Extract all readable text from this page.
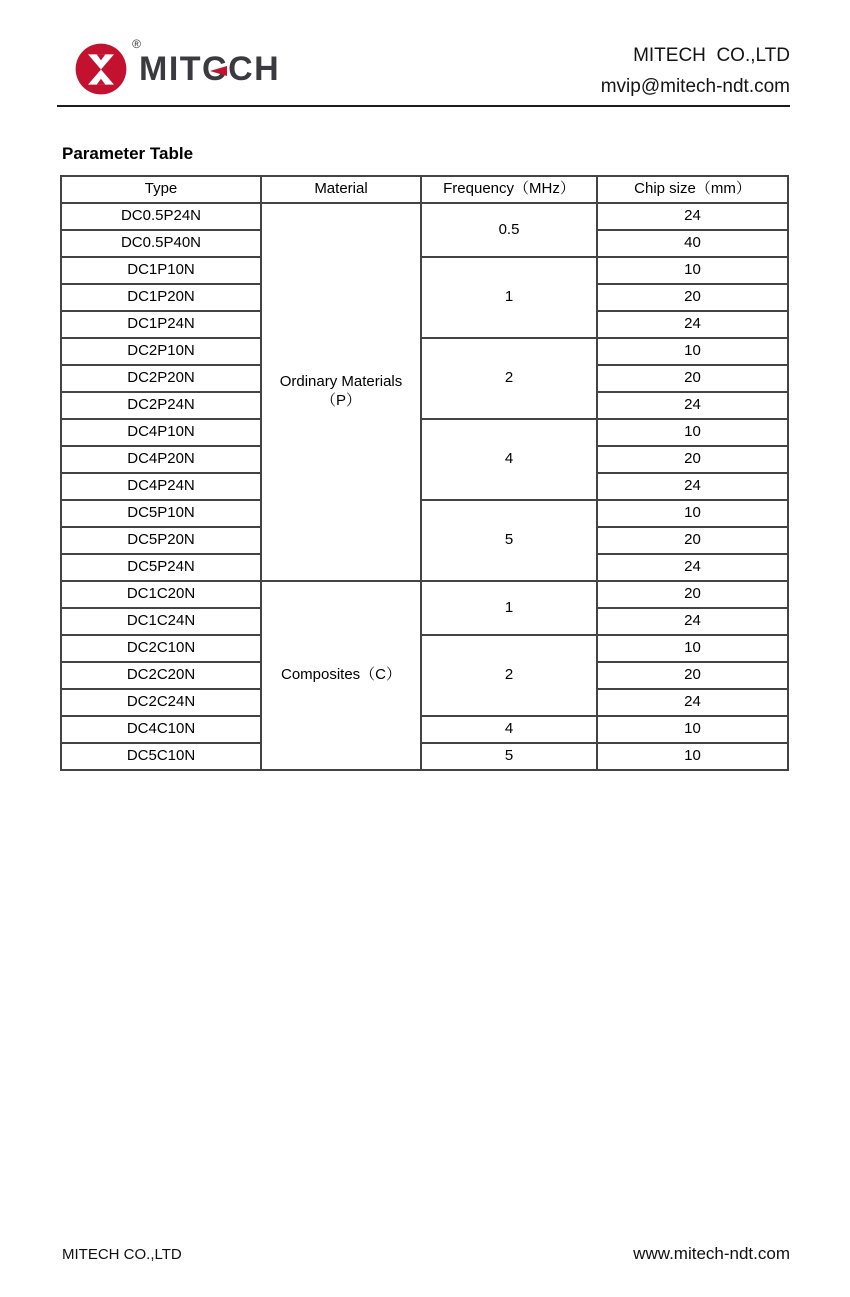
®
MIT C CH	MITECH  CO.,LTD
mvip@mitech-ndt.com
Parameter Table
Type	Material	Frequency（MHz）	Chip size（mm）
DC0.5P24N	Ordinary Materials（P）	0.5	24
DC0.5P40N			40
DC1P10N		1	10
DC1P20N			20
DC1P24N			24
DC2P10N		2	10
DC2P20N			20
DC2P24N			24
DC4P10N		4	10
DC4P20N			20
DC4P24N			24
DC5P10N		5	10
DC5P20N			20
DC5P24N			24
DC1C20N	Composites（C）	1	20
DC1C24N			24
DC2C10N		2	10
DC2C20N			20
DC2C24N			24
DC4C10N		4	10
DC5C10N		5	10
MITECH CO.,LTD	www.mitech-ndt.com
